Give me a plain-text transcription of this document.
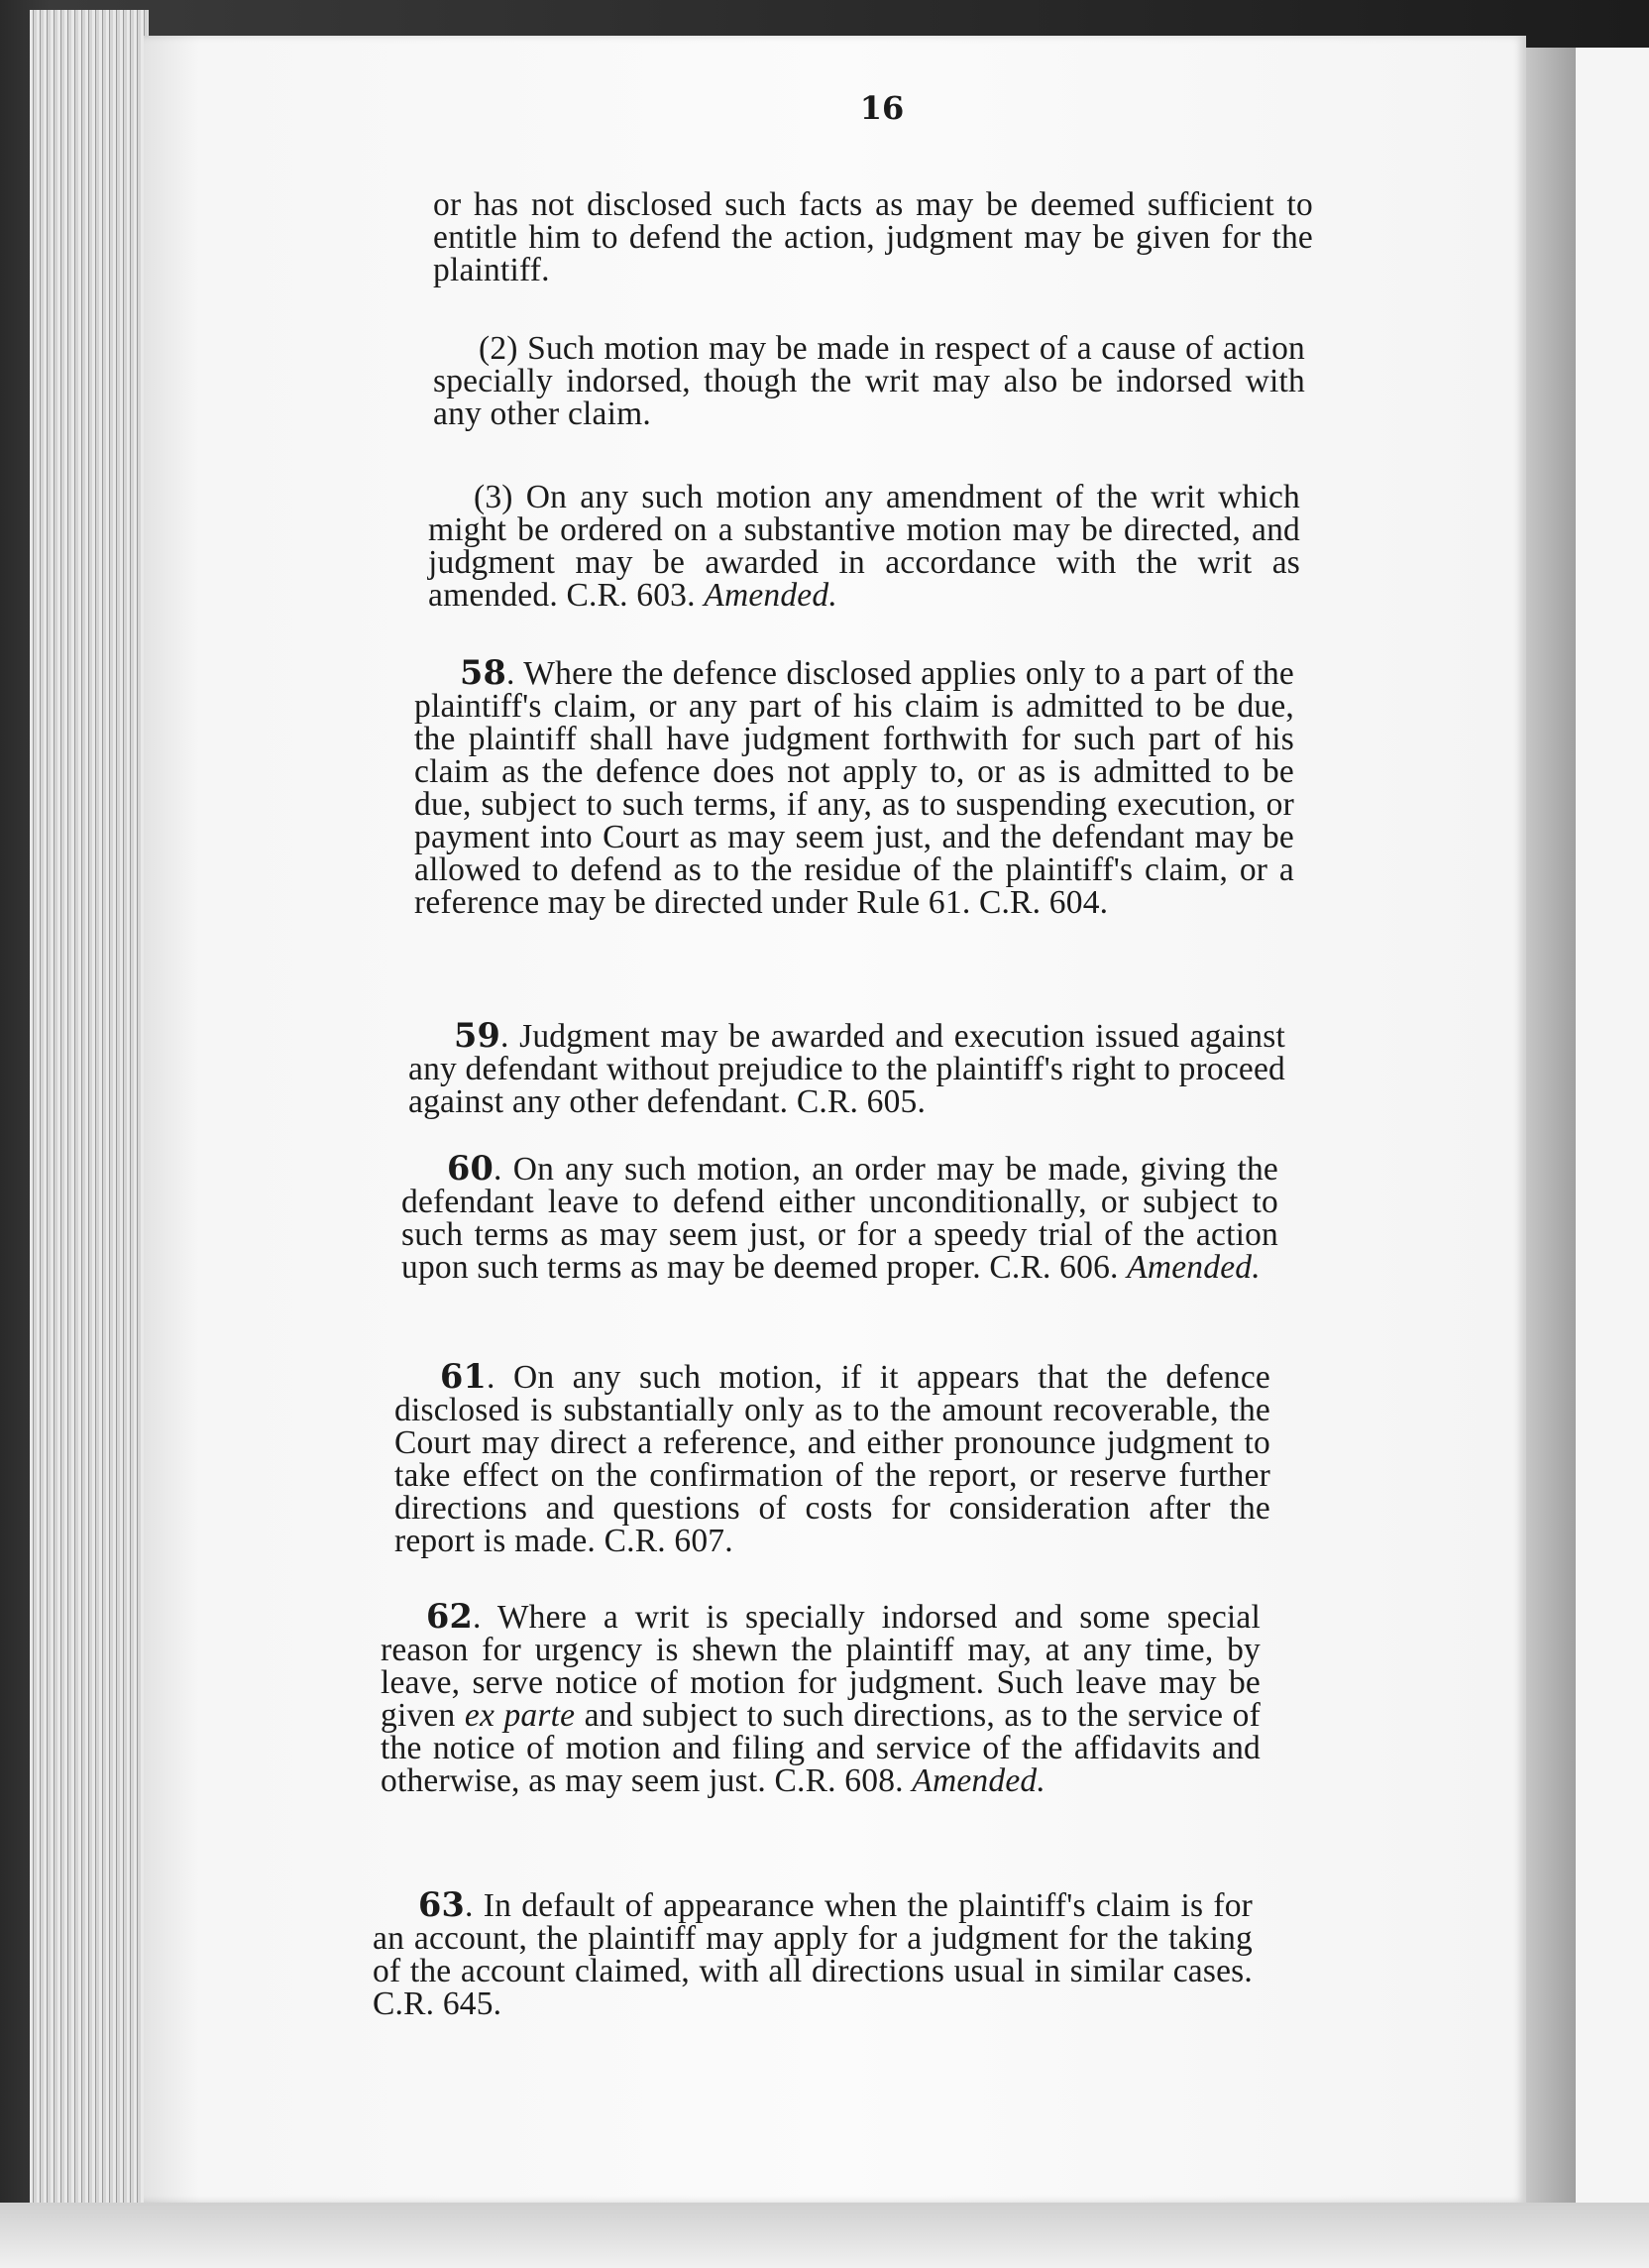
16

or has not disclosed such facts as may be deemed sufficient to entitle him to defend the action, judgment may be given for the plaintiff.

(2) Such motion may be made in respect of a cause of action specially indorsed, though the writ may also be indorsed with any other claim.

(3) On any such motion any amendment of the writ which might be ordered on a substantive motion may be directed, and judgment may be awarded in accordance with the writ as amended. C.R. 603. Amended.

58. Where the defence disclosed applies only to a part of the plaintiff's claim, or any part of his claim is admitted to be due, the plaintiff shall have judgment forthwith for such part of his claim as the defence does not apply to, or as is admitted to be due, subject to such terms, if any, as to suspending execution, or payment into Court as may seem just, and the defendant may be allowed to defend as to the residue of the plaintiff's claim, or a reference may be directed under Rule 61. C.R. 604.

59. Judgment may be awarded and execution issued against any defendant without prejudice to the plaintiff's right to proceed against any other defendant. C.R. 605.

60. On any such motion, an order may be made, giving the defendant leave to defend either unconditionally, or subject to such terms as may seem just, or for a speedy trial of the action upon such terms as may be deemed proper. C.R. 606. Amended.

61. On any such motion, if it appears that the defence disclosed is substantially only as to the amount recoverable, the Court may direct a reference, and either pronounce judgment to take effect on the confirmation of the report, or reserve further directions and questions of costs for consideration after the report is made. C.R. 607.

62. Where a writ is specially indorsed and some special reason for urgency is shewn the plaintiff may, at any time, by leave, serve notice of motion for judgment. Such leave may be given ex parte and subject to such directions, as to the service of the notice of motion and filing and service of the affidavits and otherwise, as may seem just. C.R. 608. Amended.

63. In default of appearance when the plaintiff's claim is for an account, the plaintiff may apply for a judgment for the taking of the account claimed, with all directions usual in similar cases. C.R. 645.
